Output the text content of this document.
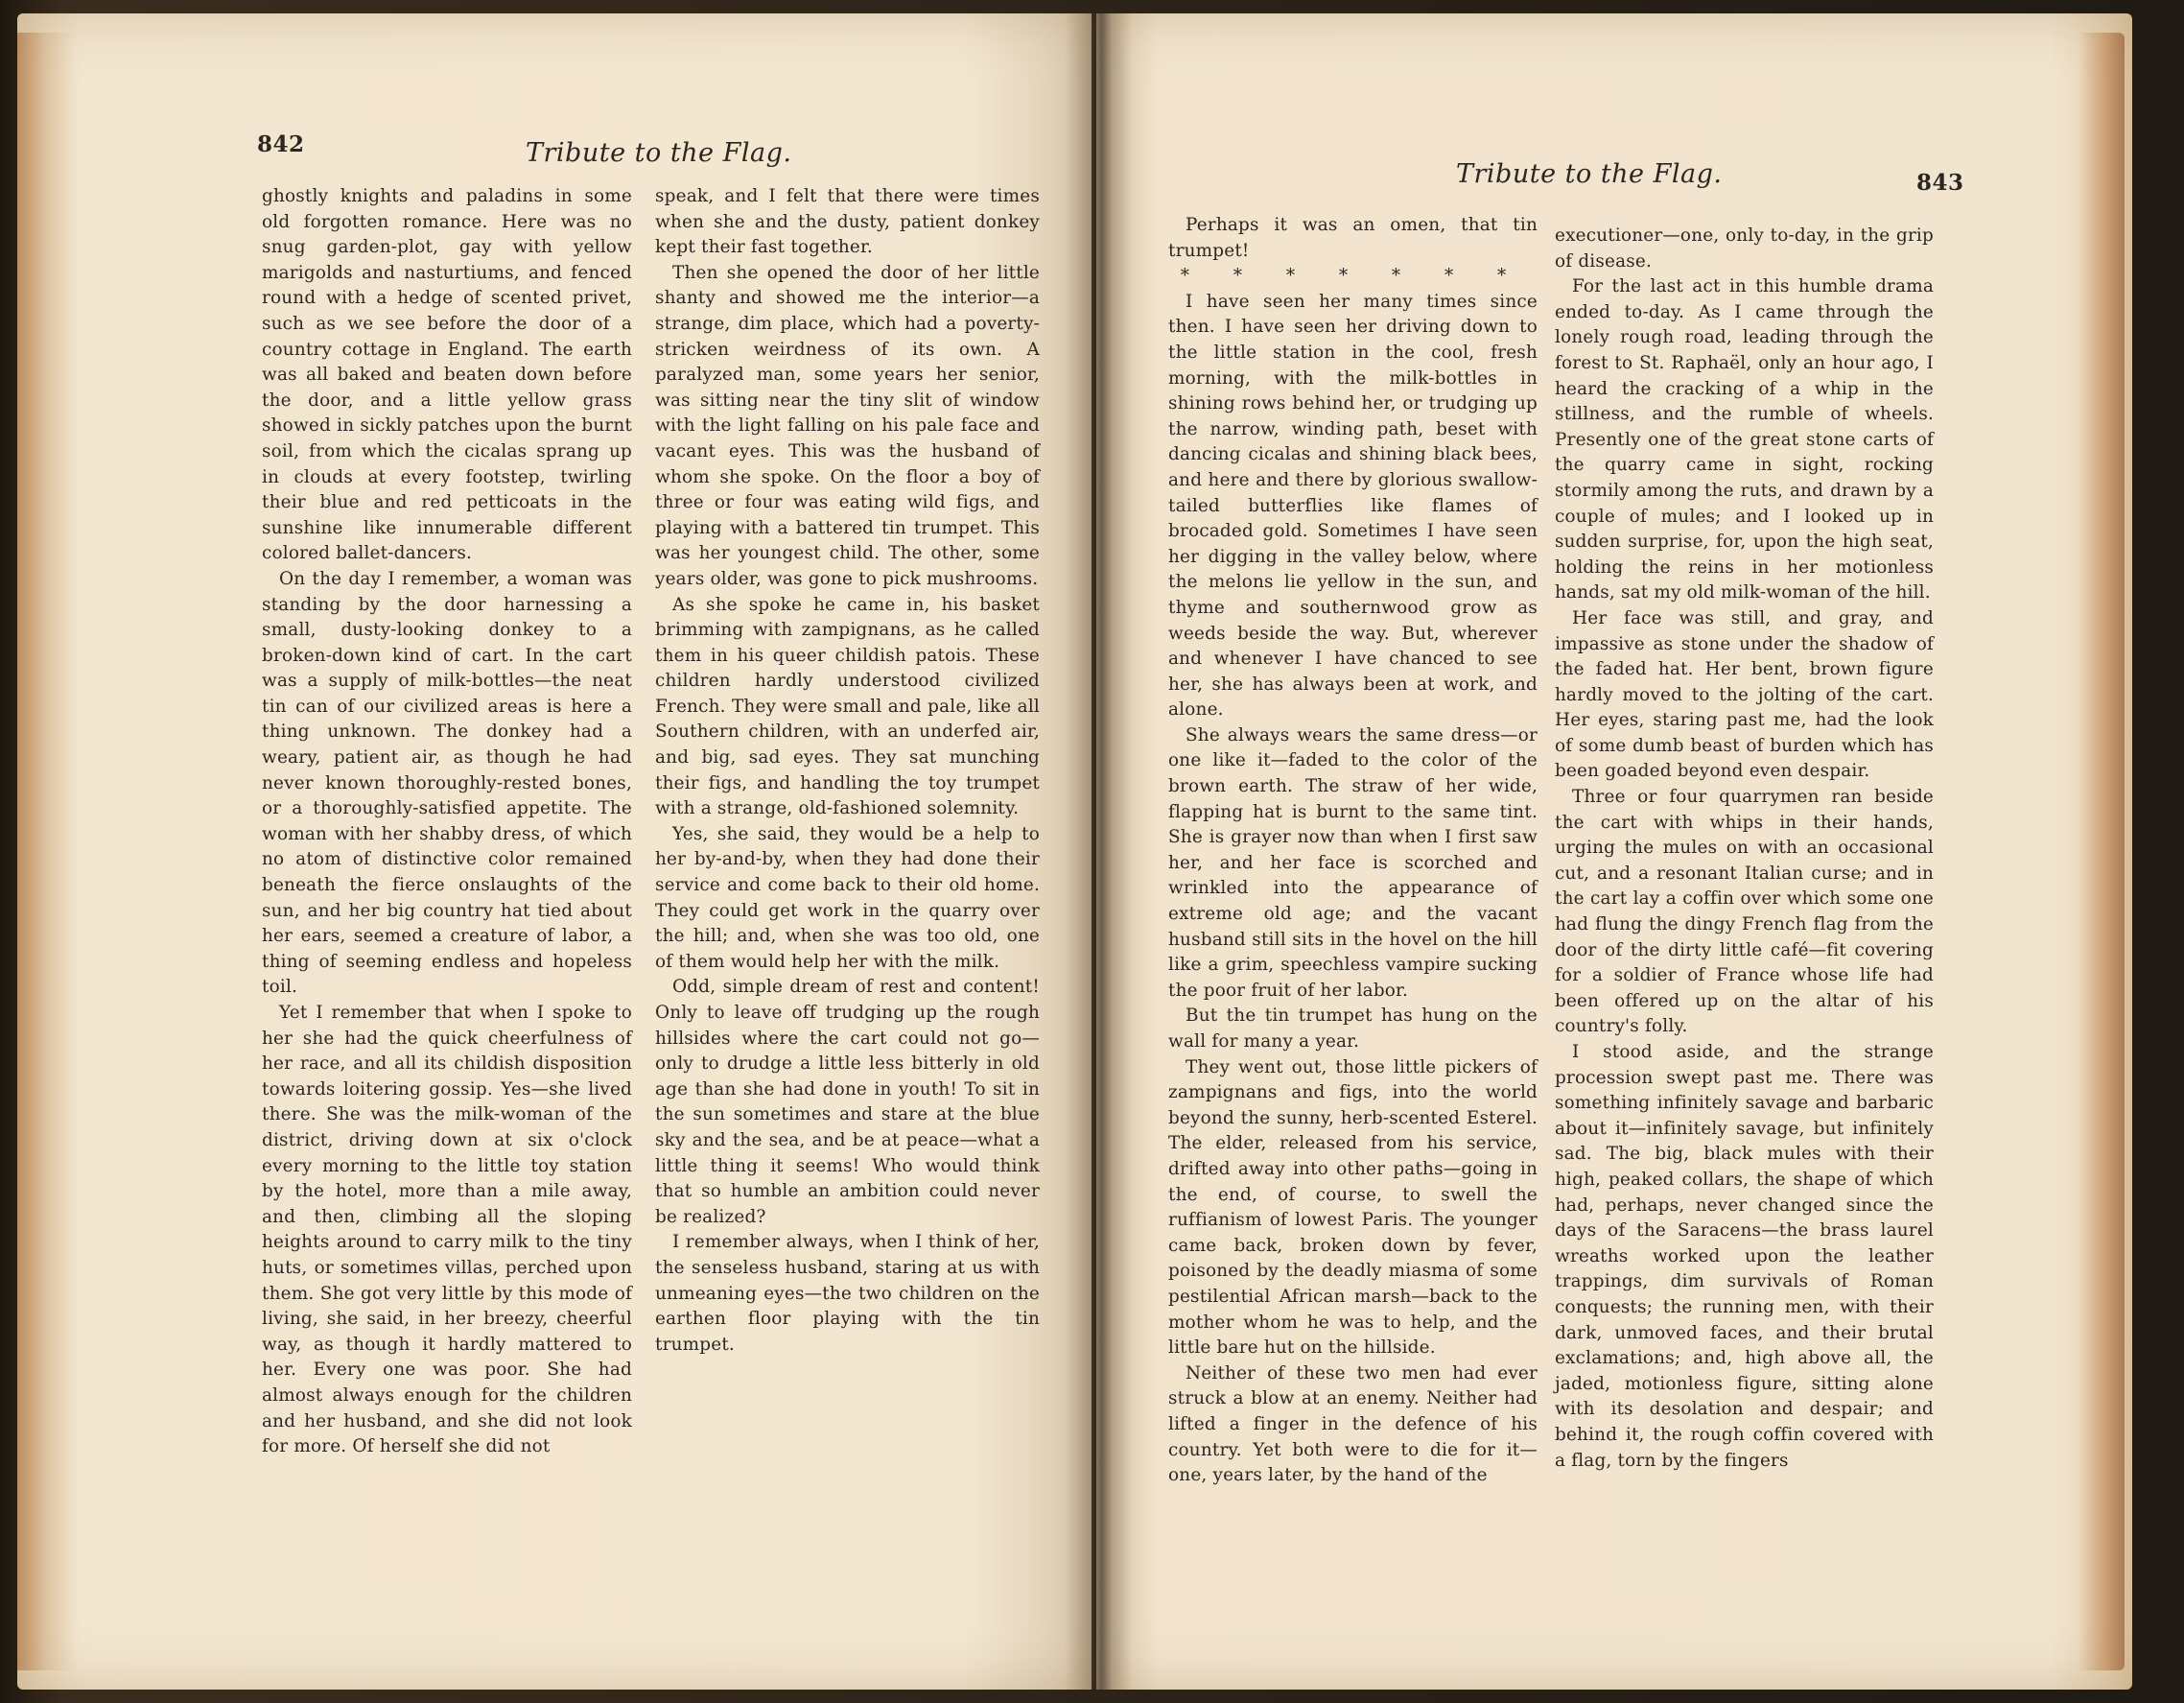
842	Tribute to the Flag.

ghostly knights and paladins in some old forgotten romance. Here was no snug garden-plot, gay with yellow marigolds and nasturtiums, and fenced round with a hedge of scented privet, such as we see before the door of a country cottage in England. The earth was all baked and beaten down before the door, and a little yellow grass showed in sickly patches upon the burnt soil, from which the cicalas sprang up in clouds at every footstep, twirling their blue and red petticoats in the sunshine like innumerable different colored ballet-dancers.

On the day I remember, a woman was standing by the door harnessing a small, dusty-looking donkey to a broken-down kind of cart. In the cart was a supply of milk-bottles—the neat tin can of our civilized areas is here a thing unknown. The donkey had a weary, patient air, as though he had never known thoroughly-rested bones, or a thoroughly-satisfied appetite. The woman with her shabby dress, of which no atom of distinctive color remained beneath the fierce onslaughts of the sun, and her big country hat tied about her ears, seemed a creature of labor, a thing of seeming endless and hopeless toil.

Yet I remember that when I spoke to her she had the quick cheerfulness of her race, and all its childish disposition towards loitering gossip. Yes—she lived there. She was the milk-woman of the district, driving down at six o'clock every morning to the little toy station by the hotel, more than a mile away, and then, climbing all the sloping heights around to carry milk to the tiny huts, or sometimes villas, perched upon them. She got very little by this mode of living, she said, in her breezy, cheerful way, as though it hardly mattered to her. Every one was poor. She had almost always enough for the children and her husband, and she did not look for more. Of herself she did not

speak, and I felt that there were times when she and the dusty, patient donkey kept their fast together.

Then she opened the door of her little shanty and showed me the interior—a strange, dim place, which had a poverty-stricken weirdness of its own. A paralyzed man, some years her senior, was sitting near the tiny slit of window with the light falling on his pale face and vacant eyes. This was the husband of whom she spoke. On the floor a boy of three or four was eating wild figs, and playing with a battered tin trumpet. This was her youngest child. The other, some years older, was gone to pick mushrooms.

As she spoke he came in, his basket brimming with zampignans, as he called them in his queer childish patois. These children hardly understood civilized French. They were small and pale, like all Southern children, with an underfed air, and big, sad eyes. They sat munching their figs, and handling the toy trumpet with a strange, old-fashioned solemnity.

Yes, she said, they would be a help to her by-and-by, when they had done their service and come back to their old home. They could get work in the quarry over the hill; and, when she was too old, one of them would help her with the milk.

Odd, simple dream of rest and content! Only to leave off trudging up the rough hillsides where the cart could not go—only to drudge a little less bitterly in old age than she had done in youth! To sit in the sun sometimes and stare at the blue sky and the sea, and be at peace—what a little thing it seems! Who would think that so humble an ambition could never be realized?

I remember always, when I think of her, the senseless husband, staring at us with unmeaning eyes—the two children on the earthen floor playing with the tin trumpet.

Tribute to the Flag.	843

Perhaps it was an omen, that tin trumpet!

* * * * * * *

I have seen her many times since then. I have seen her driving down to the little station in the cool, fresh morning, with the milk-bottles in shining rows behind her, or trudging up the narrow, winding path, beset with dancing cicalas and shining black bees, and here and there by glorious swallow-tailed butterflies like flames of brocaded gold. Sometimes I have seen her digging in the valley below, where the melons lie yellow in the sun, and thyme and southernwood grow as weeds beside the way. But, wherever and whenever I have chanced to see her, she has always been at work, and alone.

She always wears the same dress—or one like it—faded to the color of the brown earth. The straw of her wide, flapping hat is burnt to the same tint. She is grayer now than when I first saw her, and her face is scorched and wrinkled into the appearance of extreme old age; and the vacant husband still sits in the hovel on the hill like a grim, speechless vampire sucking the poor fruit of her labor.

But the tin trumpet has hung on the wall for many a year.

They went out, those little pickers of zampignans and figs, into the world beyond the sunny, herb-scented Esterel. The elder, released from his service, drifted away into other paths—going in the end, of course, to swell the ruffianism of lowest Paris. The younger came back, broken down by fever, poisoned by the deadly miasma of some pestilential African marsh—back to the mother whom he was to help, and the little bare hut on the hillside.

Neither of these two men had ever struck a blow at an enemy. Neither had lifted a finger in the defence of his country. Yet both were to die for it—one, years later, by the hand of the

executioner—one, only to-day, in the grip of disease.

For the last act in this humble drama ended to-day. As I came through the lonely rough road, leading through the forest to St. Raphaël, only an hour ago, I heard the cracking of a whip in the stillness, and the rumble of wheels. Presently one of the great stone carts of the quarry came in sight, rocking stormily among the ruts, and drawn by a couple of mules; and I looked up in sudden surprise, for, upon the high seat, holding the reins in her motionless hands, sat my old milk-woman of the hill.

Her face was still, and gray, and impassive as stone under the shadow of the faded hat. Her bent, brown figure hardly moved to the jolting of the cart. Her eyes, staring past me, had the look of some dumb beast of burden which has been goaded beyond even despair.

Three or four quarrymen ran beside the cart with whips in their hands, urging the mules on with an occasional cut, and a resonant Italian curse; and in the cart lay a coffin over which some one had flung the dingy French flag from the door of the dirty little café—fit covering for a soldier of France whose life had been offered up on the altar of his country's folly.

I stood aside, and the strange procession swept past me. There was something infinitely savage and barbaric about it—infinitely savage, but infinitely sad. The big, black mules with their high, peaked collars, the shape of which had, perhaps, never changed since the days of the Saracens—the brass laurel wreaths worked upon the leather trappings, dim survivals of Roman conquests; the running men, with their dark, unmoved faces, and their brutal exclamations; and, high above all, the jaded, motionless figure, sitting alone with its desolation and despair; and behind it, the rough coffin covered with a flag, torn by the fingers
